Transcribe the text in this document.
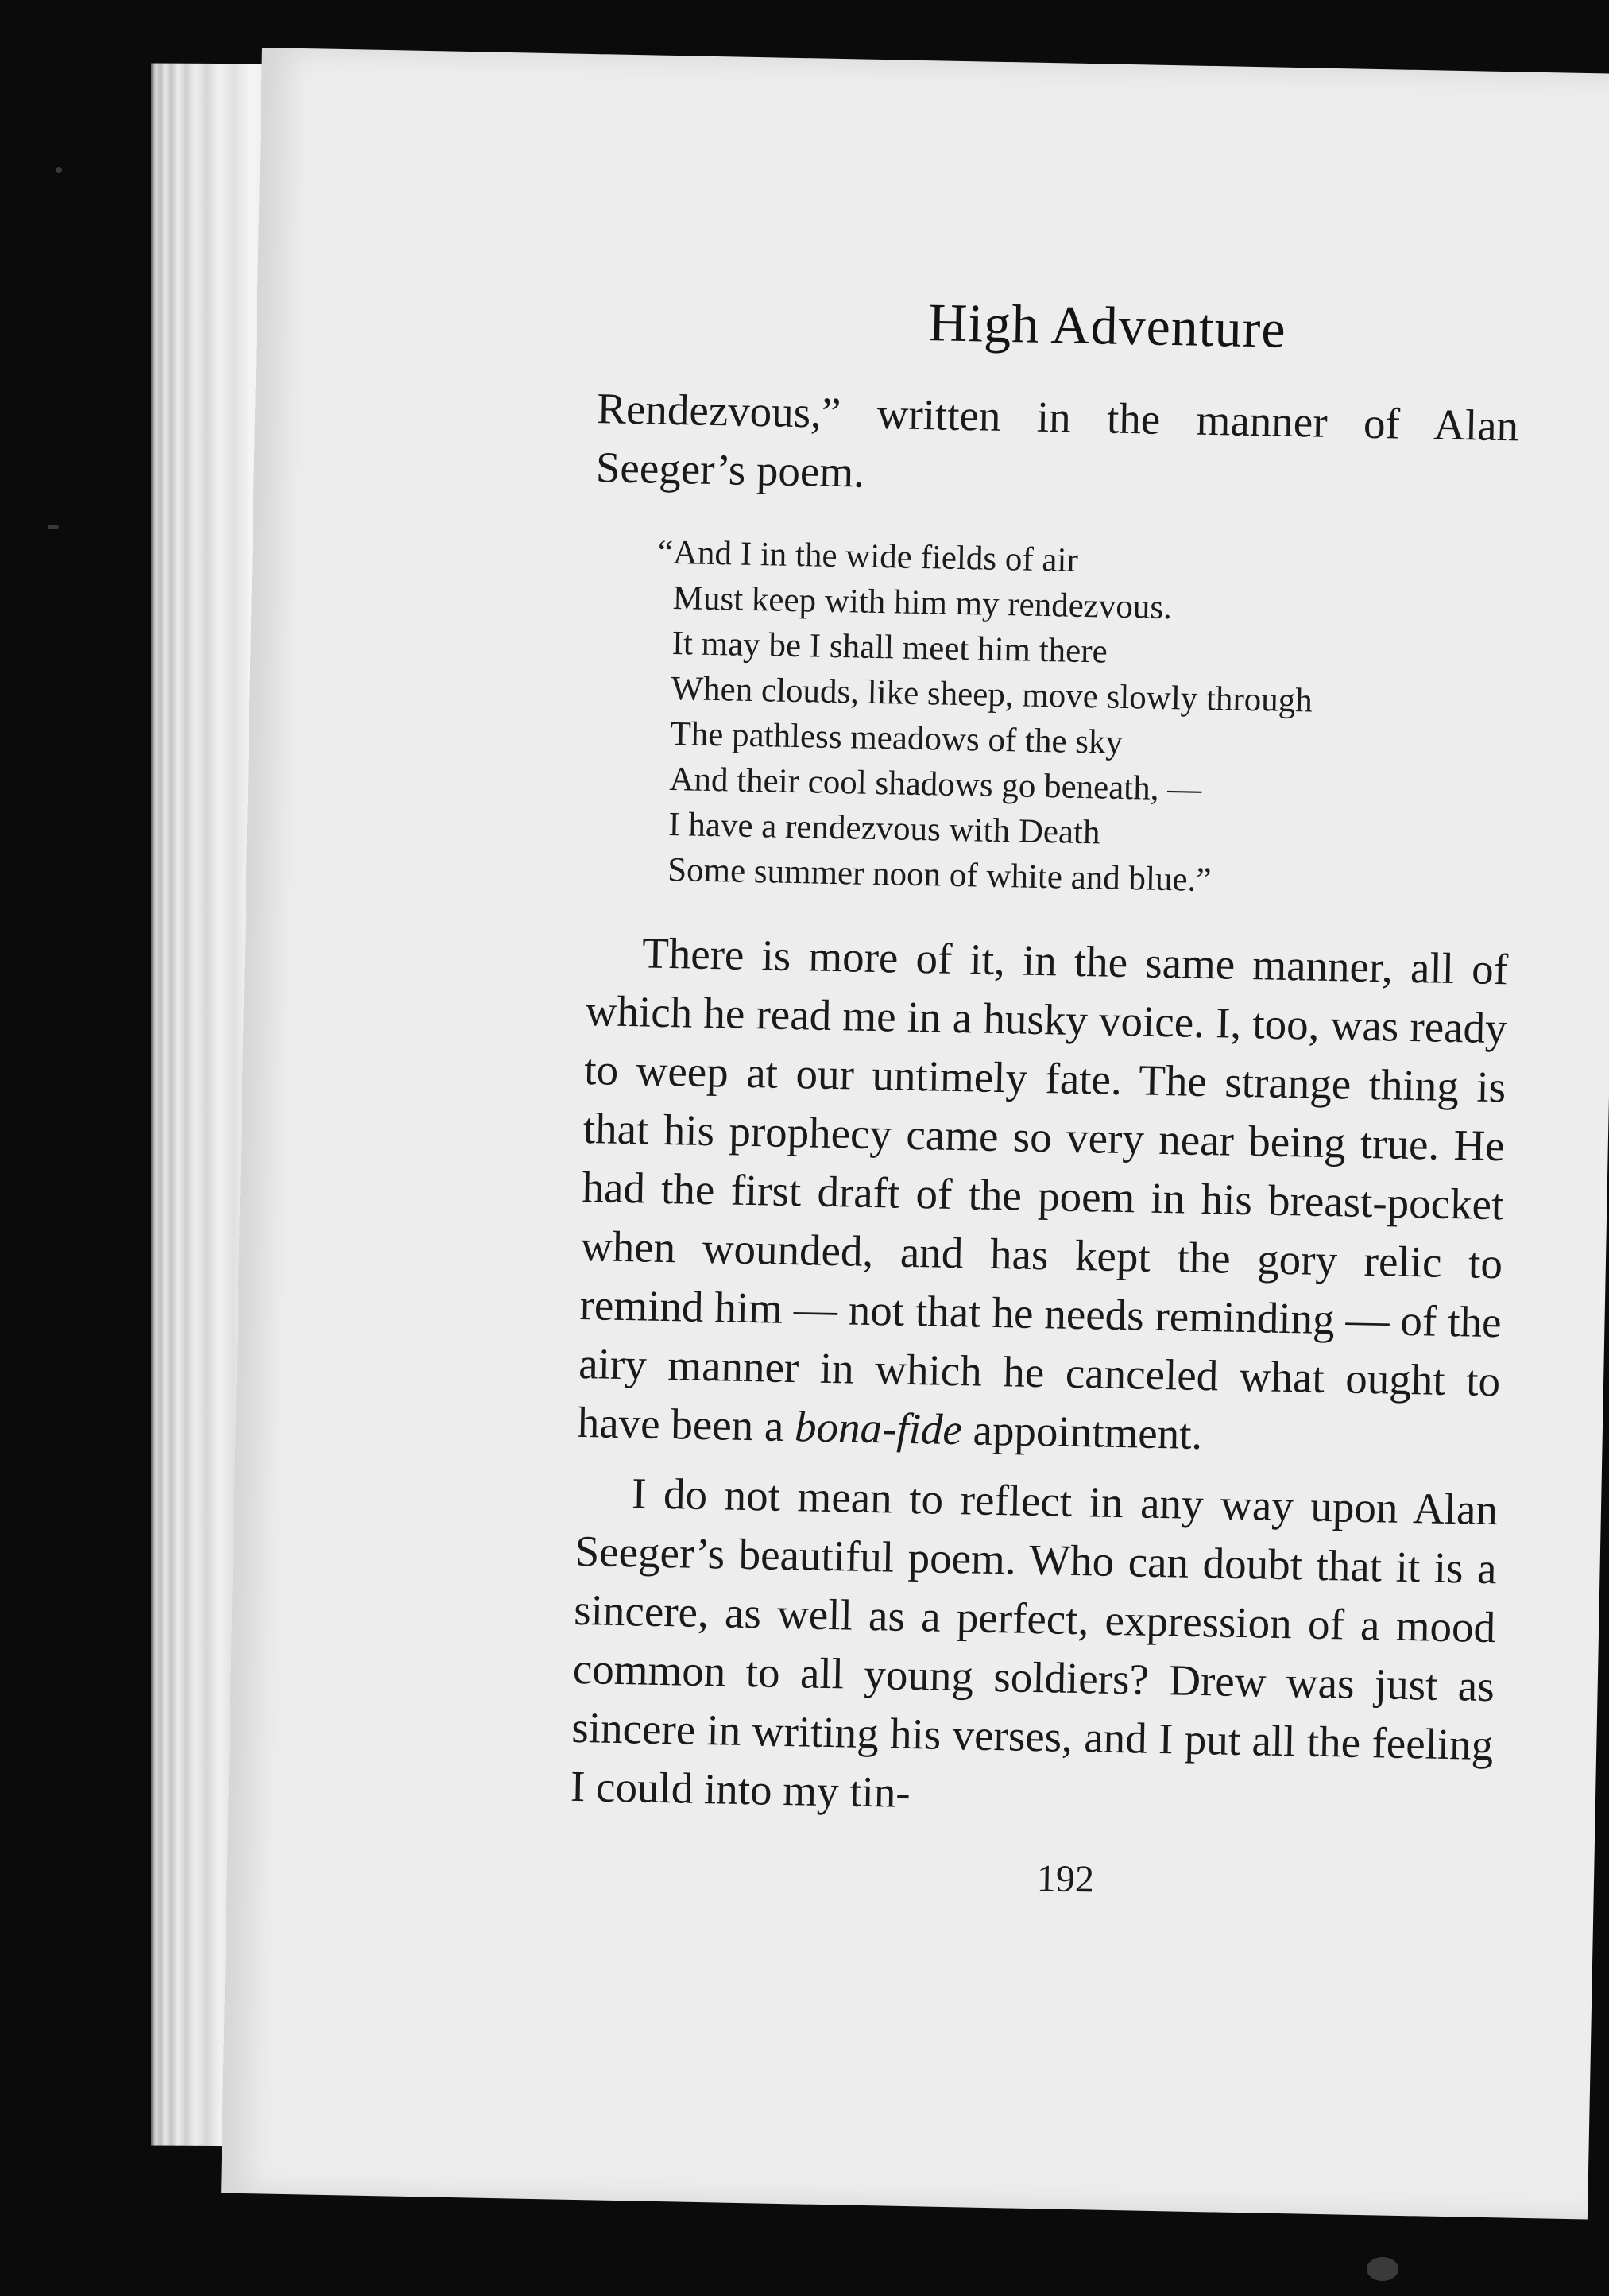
High Adventure

Rendezvous,” written in the manner of Alan Seeger’s poem.

“And I in the wide fields of air
Must keep with him my rendezvous.
It may be I shall meet him there
When clouds, like sheep, move slowly through
The pathless meadows of the sky
And their cool shadows go beneath, —
I have a rendezvous with Death
Some summer noon of white and blue.”

There is more of it, in the same manner, all of which he read me in a husky voice. I, too, was ready to weep at our untimely fate. The strange thing is that his prophecy came so very near being true. He had the first draft of the poem in his breast-pocket when wounded, and has kept the gory relic to remind him — not that he needs reminding — of the airy manner in which he canceled what ought to have been a bona-fide appointment.

I do not mean to reflect in any way upon Alan Seeger’s beautiful poem. Who can doubt that it is a sincere, as well as a perfect, expression of a mood common to all young soldiers? Drew was just as sincere in writing his verses, and I put all the feeling I could into my tin-

192
